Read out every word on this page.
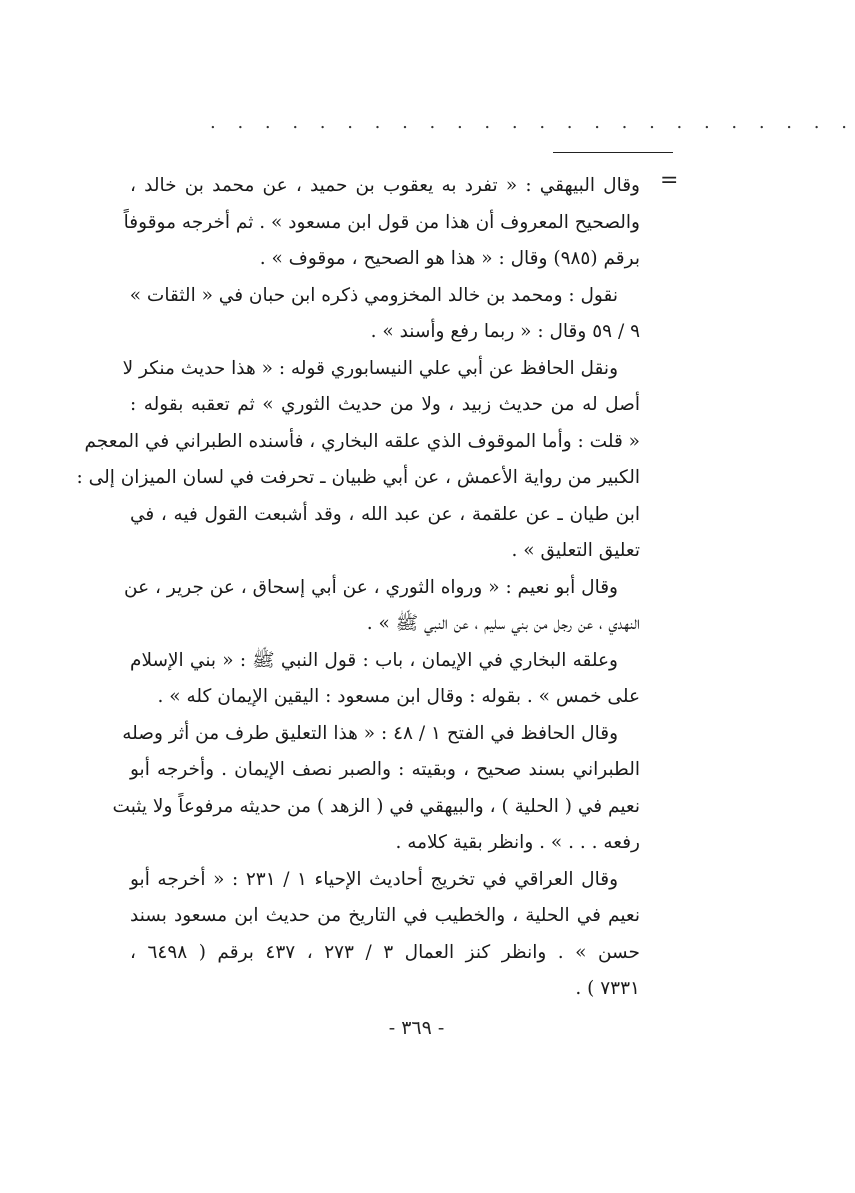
. . . . . . . . . . . . . . . . . . . . . . . .
=
وقال البيهقي : « تفرد به يعقوب بن حميد ، عن محمد بن خالد ،
والصحيح المعروف أن هذا من قول ابن مسعود » . ثم أخرجه موقوفاً
برقم (٩٨٥) وقال : « هذا هو الصحيح ، موقوف » .
نقول : ومحمد بن خالد المخزومي ذكره ابن حبان في « الثقات »
٩ / ٥٩ وقال : « ربما رفع وأسند » .
ونقل الحافظ عن أبي علي النيسابوري قوله : « هذا حديث منكر لا
أصل له من حديث زبيد ، ولا من حديث الثوري » ثم تعقبه بقوله :
« قلت : وأما الموقوف الذي علقه البخاري ، فأسنده الطبراني في المعجم
الكبير من رواية الأعمش ، عن أبي ظبيان ـ تحرفت في لسان الميزان إلى :
ابن طيان ـ عن علقمة ، عن عبد الله ، وقد أشبعت القول فيه ، في
تعليق التعليق » .
وقال أبو نعيم : « ورواه الثوري ، عن أبي إسحاق ، عن جرير ، عن
النهدي ، عن رجل من بني سليم ، عن النبي ﷺ » .
وعلقه البخاري في الإيمان ، باب : قول النبي ﷺ : « بني الإسلام
على خمس » . بقوله : وقال ابن مسعود : اليقين الإيمان كله » .
وقال الحافظ في الفتح ١ / ٤٨ : « هذا التعليق طرف من أثر وصله
الطبراني بسند صحيح ، وبقيته : والصبر نصف الإيمان . وأخرجه أبو
نعيم في ( الحلية ) ، والبيهقي في ( الزهد ) من حديثه مرفوعاً ولا يثبت
رفعه . . . » . وانظر بقية كلامه .
وقال العراقي في تخريج أحاديث الإحياء ١ / ٢٣١ : « أخرجه أبو
نعيم في الحلية ، والخطيب في التاريخ من حديث ابن مسعود بسند
حسن » . وانظر كنز العمال ٣ / ٢٧٣ ، ٤٣٧ برقم ( ٦٤٩٨ ،
٧٣٣١ ) .
- ٣٦٩ -
